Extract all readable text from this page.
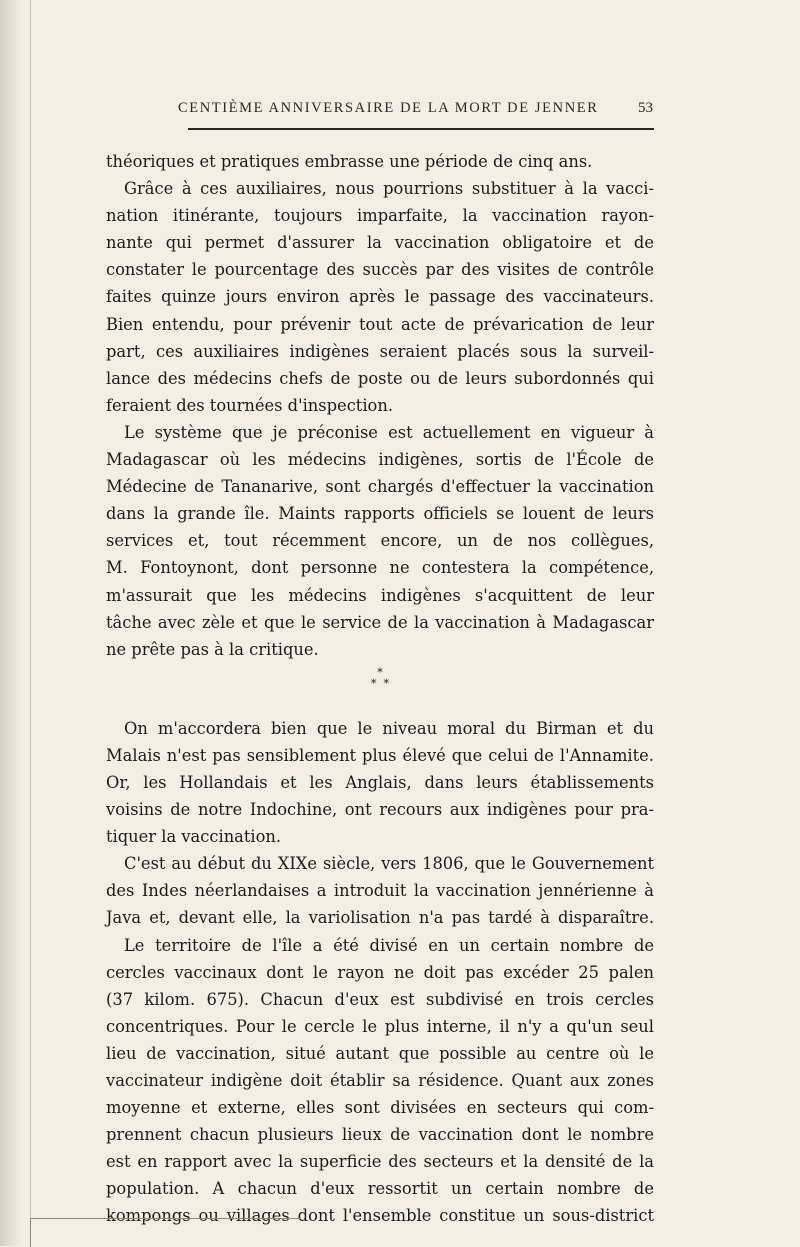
CENTIÈME ANNIVERSAIRE DE LA MORT DE JENNER	53
théoriques et pratiques embrasse une période de cinq ans.
Grâce à ces auxiliaires, nous pourrions substituer à la vacci-
nation itinérante, toujours imparfaite, la vaccination rayon-
nante qui permet d'assurer la vaccination obligatoire et de
constater le pourcentage des succès par des visites de contrôle
faites quinze jours environ après le passage des vaccinateurs.
Bien entendu, pour prévenir tout acte de prévarication de leur
part, ces auxiliaires indigènes seraient placés sous la surveil-
lance des médecins chefs de poste ou de leurs subordonnés qui
feraient des tournées d'inspection.
Le système que je préconise est actuellement en vigueur à
Madagascar où les médecins indigènes, sortis de l'École de
Médecine de Tananarive, sont chargés d'effectuer la vaccination
dans la grande île. Maints rapports officiels se louent de leurs
services et, tout récemment encore, un de nos collègues,
M. Fontoynont, dont personne ne contestera la compétence,
m'assurait que les médecins indigènes s'acquittent de leur
tâche avec zèle et que le service de la vaccination à Madagascar
ne prête pas à la critique.
*
* *
On m'accordera bien que le niveau moral du Birman et du
Malais n'est pas sensiblement plus élevé que celui de l'Annamite.
Or, les Hollandais et les Anglais, dans leurs établissements
voisins de notre Indochine, ont recours aux indigènes pour pra-
tiquer la vaccination.
C'est au début du XIXe siècle, vers 1806, que le Gouvernement
des Indes néerlandaises a introduit la vaccination jennérienne à
Java et, devant elle, la variolisation n'a pas tardé à disparaître.
Le territoire de l'île a été divisé en un certain nombre de
cercles vaccinaux dont le rayon ne doit pas excéder 25 palen
(37 kilom. 675). Chacun d'eux est subdivisé en trois cercles
concentriques. Pour le cercle le plus interne, il n'y a qu'un seul
lieu de vaccination, situé autant que possible au centre où le
vaccinateur indigène doit établir sa résidence. Quant aux zones
moyenne et externe, elles sont divisées en secteurs qui com-
prennent chacun plusieurs lieux de vaccination dont le nombre
est en rapport avec la superficie des secteurs et la densité de la
population. A chacun d'eux ressortit un certain nombre de
kompongs ou villages dont l'ensemble constitue un sous-district
